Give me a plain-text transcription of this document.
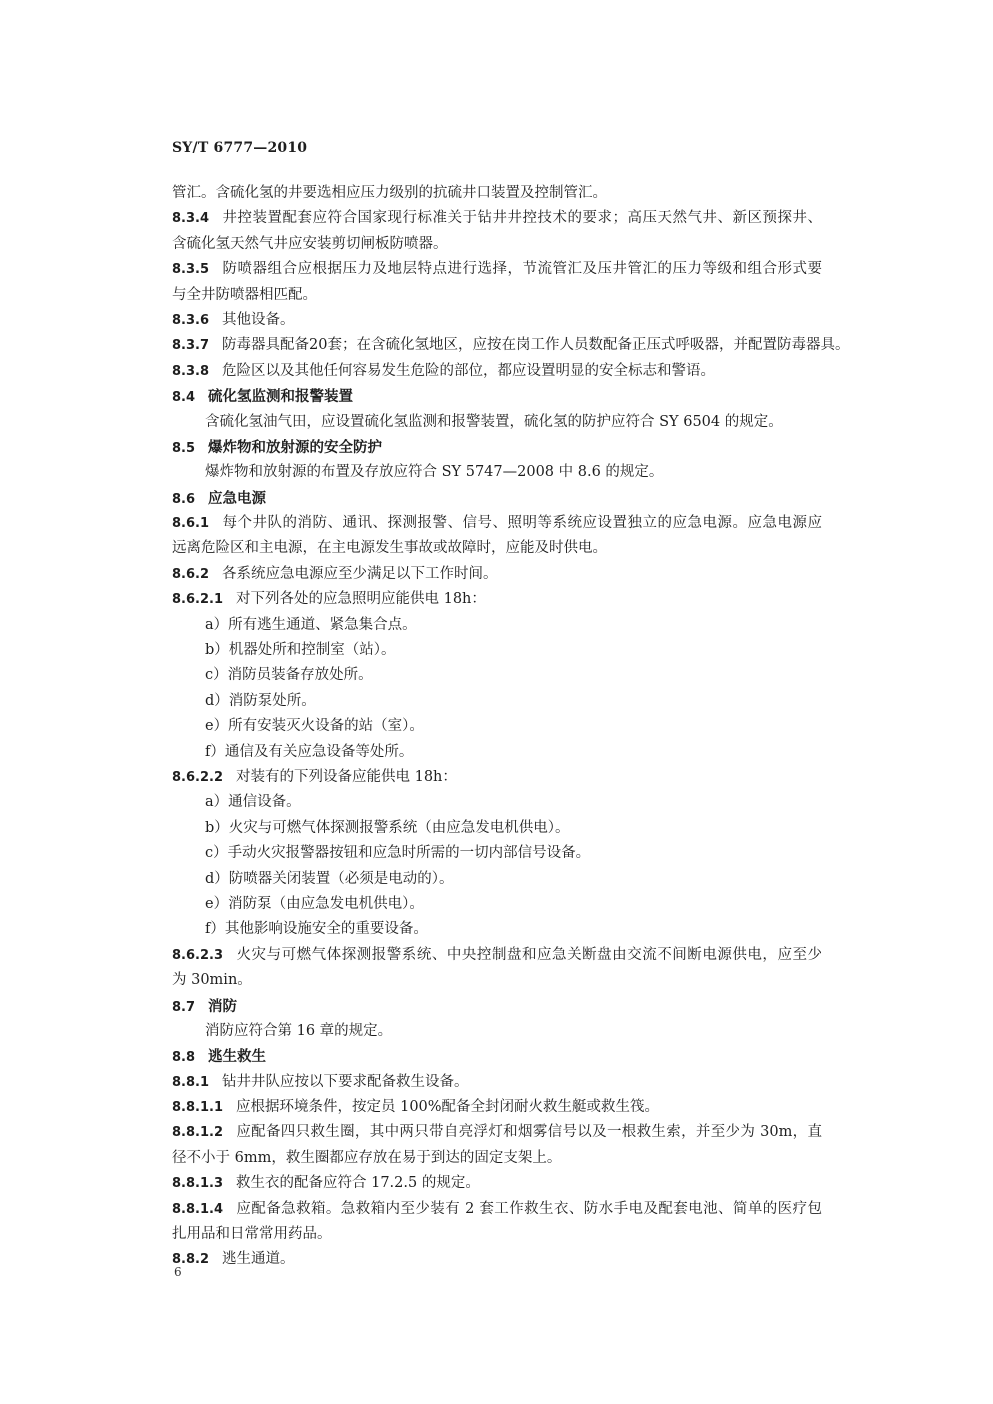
SY/T 6777—2010
管汇。含硫化氢的井要选相应压力级别的抗硫井口装置及控制管汇。
8.3.4 井控装置配套应符合国家现行标准关于钻井井控技术的要求；高压天然气井、新区预探井、
含硫化氢天然气井应安装剪切闸板防喷器。
8.3.5 防喷器组合应根据压力及地层特点进行选择，节流管汇及压井管汇的压力等级和组合形式要
与全井防喷器相匹配。
8.3.6 其他设备。
8.3.7 防毒器具配备20套；在含硫化氢地区，应按在岗工作人员数配备正压式呼吸器，并配置防毒器具。
8.3.8 危险区以及其他任何容易发生危险的部位，都应设置明显的安全标志和警语。
8.4 硫化氢监测和报警装置
含硫化氢油气田，应设置硫化氢监测和报警装置，硫化氢的防护应符合 SY 6504 的规定。
8.5 爆炸物和放射源的安全防护
爆炸物和放射源的布置及存放应符合 SY 5747—2008 中 8.6 的规定。
8.6 应急电源
8.6.1 每个井队的消防、通讯、探测报警、信号、照明等系统应设置独立的应急电源。应急电源应
远离危险区和主电源，在主电源发生事故或故障时，应能及时供电。
8.6.2 各系统应急电源应至少满足以下工作时间。
8.6.2.1 对下列各处的应急照明应能供电 18h：
a）所有逃生通道、紧急集合点。
b）机器处所和控制室（站）。
c）消防员装备存放处所。
d）消防泵处所。
e）所有安装灭火设备的站（室）。
f）通信及有关应急设备等处所。
8.6.2.2 对装有的下列设备应能供电 18h：
a）通信设备。
b）火灾与可燃气体探测报警系统（由应急发电机供电）。
c）手动火灾报警器按钮和应急时所需的一切内部信号设备。
d）防喷器关闭装置（必须是电动的）。
e）消防泵（由应急发电机供电）。
f）其他影响设施安全的重要设备。
8.6.2.3 火灾与可燃气体探测报警系统、中央控制盘和应急关断盘由交流不间断电源供电，应至少
为 30min。
8.7 消防
消防应符合第 16 章的规定。
8.8 逃生救生
8.8.1 钻井井队应按以下要求配备救生设备。
8.8.1.1 应根据环境条件，按定员 100%配备全封闭耐火救生艇或救生筏。
8.8.1.2 应配备四只救生圈，其中两只带自亮浮灯和烟雾信号以及一根救生索，并至少为 30m，直
径不小于 6mm，救生圈都应存放在易于到达的固定支架上。
8.8.1.3 救生衣的配备应符合 17.2.5 的规定。
8.8.1.4 应配备急救箱。急救箱内至少装有 2 套工作救生衣、防水手电及配套电池、简单的医疗包
扎用品和日常常用药品。
8.8.2 逃生通道。
6
